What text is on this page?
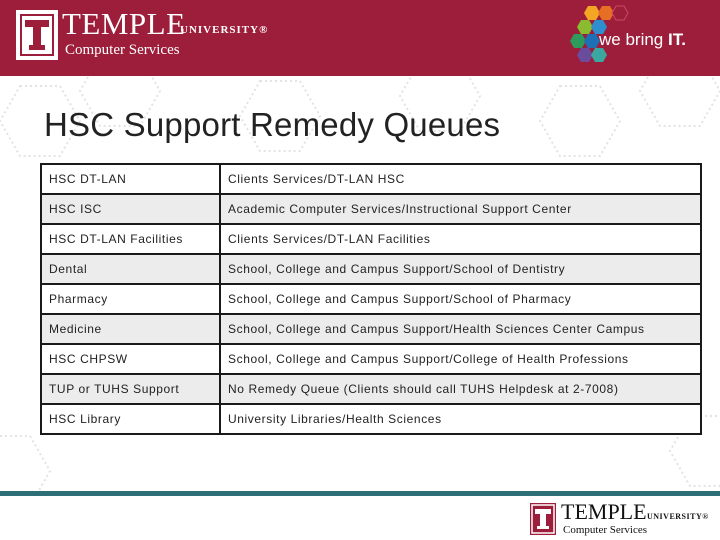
TEMPLE
UNIVERSITY®
Computer Services
we bring IT.
HSC Support Remedy Queues
HSC DT-LAN	Clients Services/DT-LAN HSC
HSC ISC	Academic Computer Services/Instructional Support Center
HSC DT-LAN Facilities	Clients Services/DT-LAN Facilities
Dental	School, College and Campus Support/School of Dentistry
Pharmacy	School, College and Campus Support/School of Pharmacy
Medicine	School, College and Campus Support/Health Sciences Center Campus
HSC CHPSW	School, College and Campus Support/College of Health Professions
TUP or TUHS Support	No Remedy Queue (Clients should call TUHS Helpdesk at 2-7008)
HSC Library	University Libraries/Health Sciences
TEMPLE UNIVERSITY®
Computer Services
